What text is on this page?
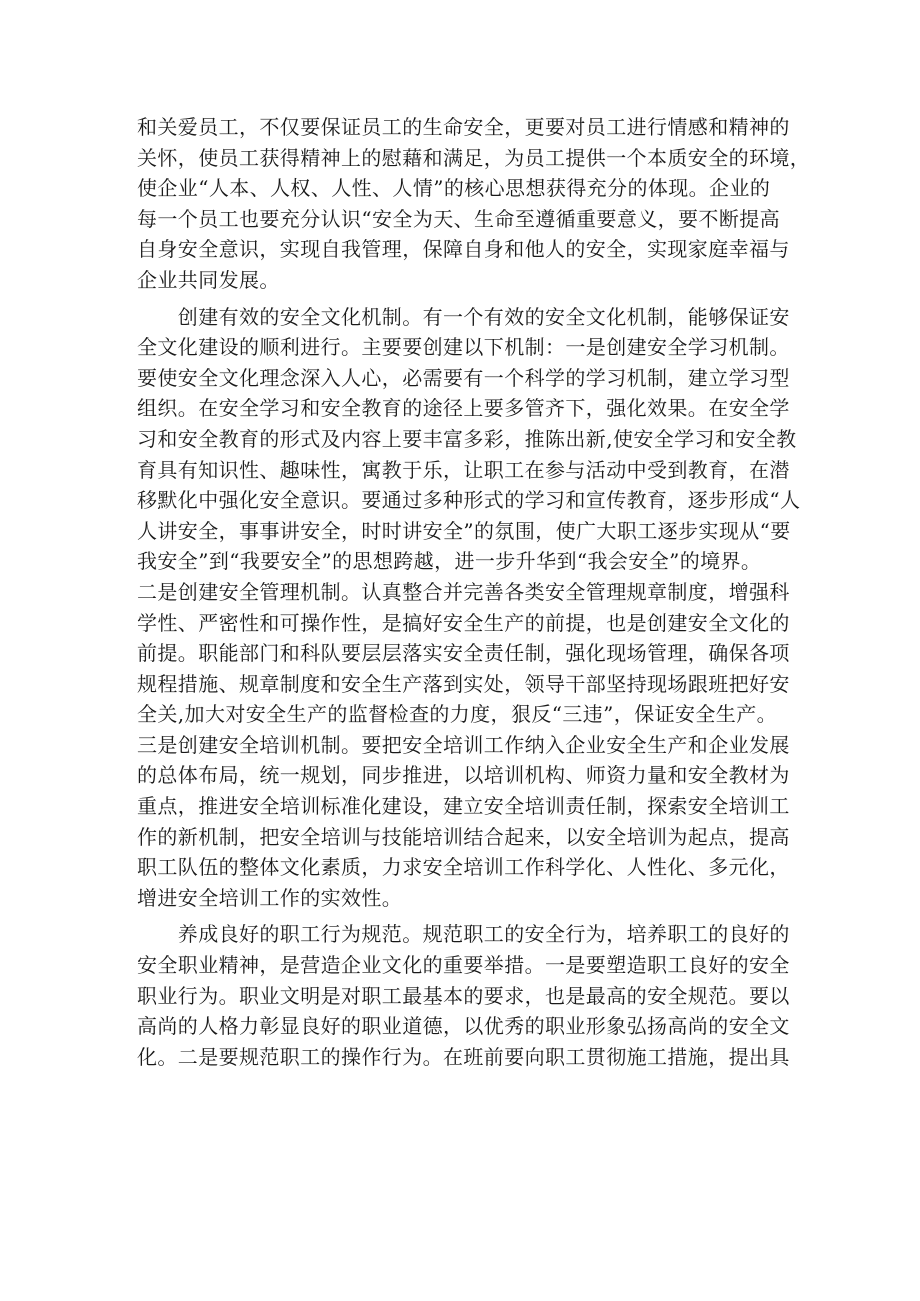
和关爱员工，不仅要保证员工的生命安全，更要对员工进行情感和精神的
关怀，使员工获得精神上的慰藉和满足，为员工提供一个本质安全的环境，
使企业“人本、人权、人性、人情”的核心思想获得充分的体现。企业的
每一个员工也要充分认识“安全为天、生命至遵循重要意义，要不断提高
自身安全意识，实现自我管理，保障自身和他人的安全，实现家庭幸福与
企业共同发展。
　　创建有效的安全文化机制。有一个有效的安全文化机制，能够保证安
全文化建设的顺利进行。主要要创建以下机制：一是创建安全学习机制。
要使安全文化理念深入人心，必需要有一个科学的学习机制，建立学习型
组织。在安全学习和安全教育的途径上要多管齐下，强化效果。在安全学
习和安全教育的形式及内容上要丰富多彩，推陈出新,使安全学习和安全教
育具有知识性、趣味性，寓教于乐，让职工在参与活动中受到教育，在潜
移默化中强化安全意识。要通过多种形式的学习和宣传教育，逐步形成“人
人讲安全，事事讲安全，时时讲安全”的氛围，使广大职工逐步实现从“要
我安全”到“我要安全”的思想跨越，进一步升华到“我会安全”的境界。
二是创建安全管理机制。认真整合并完善各类安全管理规章制度，增强科
学性、严密性和可操作性，是搞好安全生产的前提，也是创建安全文化的
前提。职能部门和科队要层层落实安全责任制，强化现场管理，确保各项
规程措施、规章制度和安全生产落到实处，领导干部坚持现场跟班把好安
全关,加大对安全生产的监督检查的力度，狠反“三违”，保证安全生产。
三是创建安全培训机制。要把安全培训工作纳入企业安全生产和企业发展
的总体布局，统一规划，同步推进，以培训机构、师资力量和安全教材为
重点，推进安全培训标准化建设，建立安全培训责任制，探索安全培训工
作的新机制，把安全培训与技能培训结合起来，以安全培训为起点，提高
职工队伍的整体文化素质，力求安全培训工作科学化、人性化、多元化，
增进安全培训工作的实效性。
　　养成良好的职工行为规范。规范职工的安全行为，培养职工的良好的
安全职业精神，是营造企业文化的重要举措。一是要塑造职工良好的安全
职业行为。职业文明是对职工最基本的要求，也是最高的安全规范。要以
高尚的人格力彰显良好的职业道德，以优秀的职业形象弘扬高尚的安全文
化。二是要规范职工的操作行为。在班前要向职工贯彻施工措施，提出具
